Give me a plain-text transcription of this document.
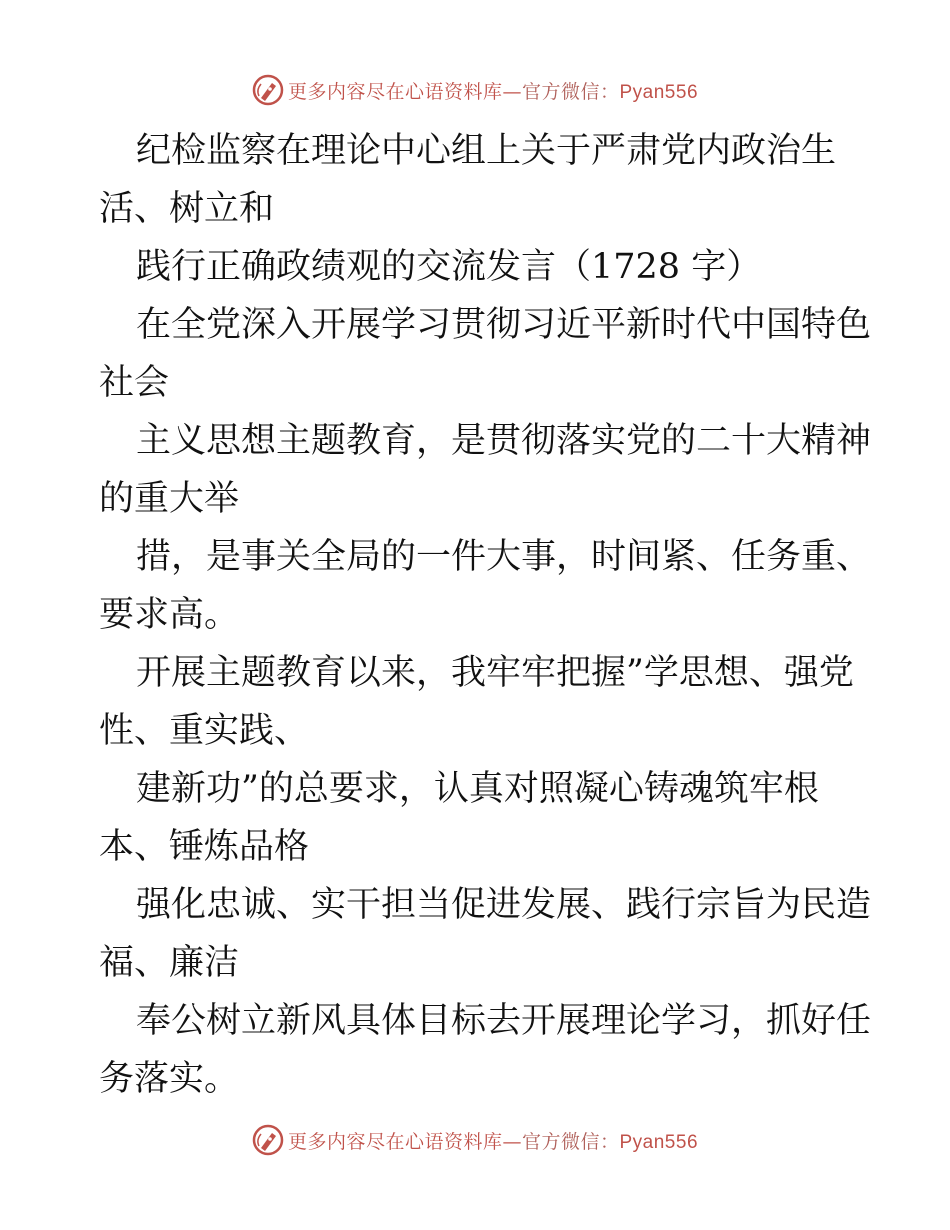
更多内容尽在心语资料库—官方微信：Pyan556
纪检监察在理论中心组上关于严肃党内政治生
活、树立和
践行正确政绩观的交流发言（1728 字）
在全党深入开展学习贯彻习近平新时代中国特色
社会
主义思想主题教育，是贯彻落实党的二十大精神
的重大举
措，是事关全局的一件大事，时间紧、任务重、
要求高。
开展主题教育以来，我牢牢把握”学思想、强党
性、重实践、
建新功”的总要求，认真对照凝心铸魂筑牢根
本、锤炼品格
强化忠诚、实干担当促进发展、践行宗旨为民造
福、廉洁
奉公树立新风具体目标去开展理论学习，抓好任
务落实。
更多内容尽在心语资料库—官方微信：Pyan556
